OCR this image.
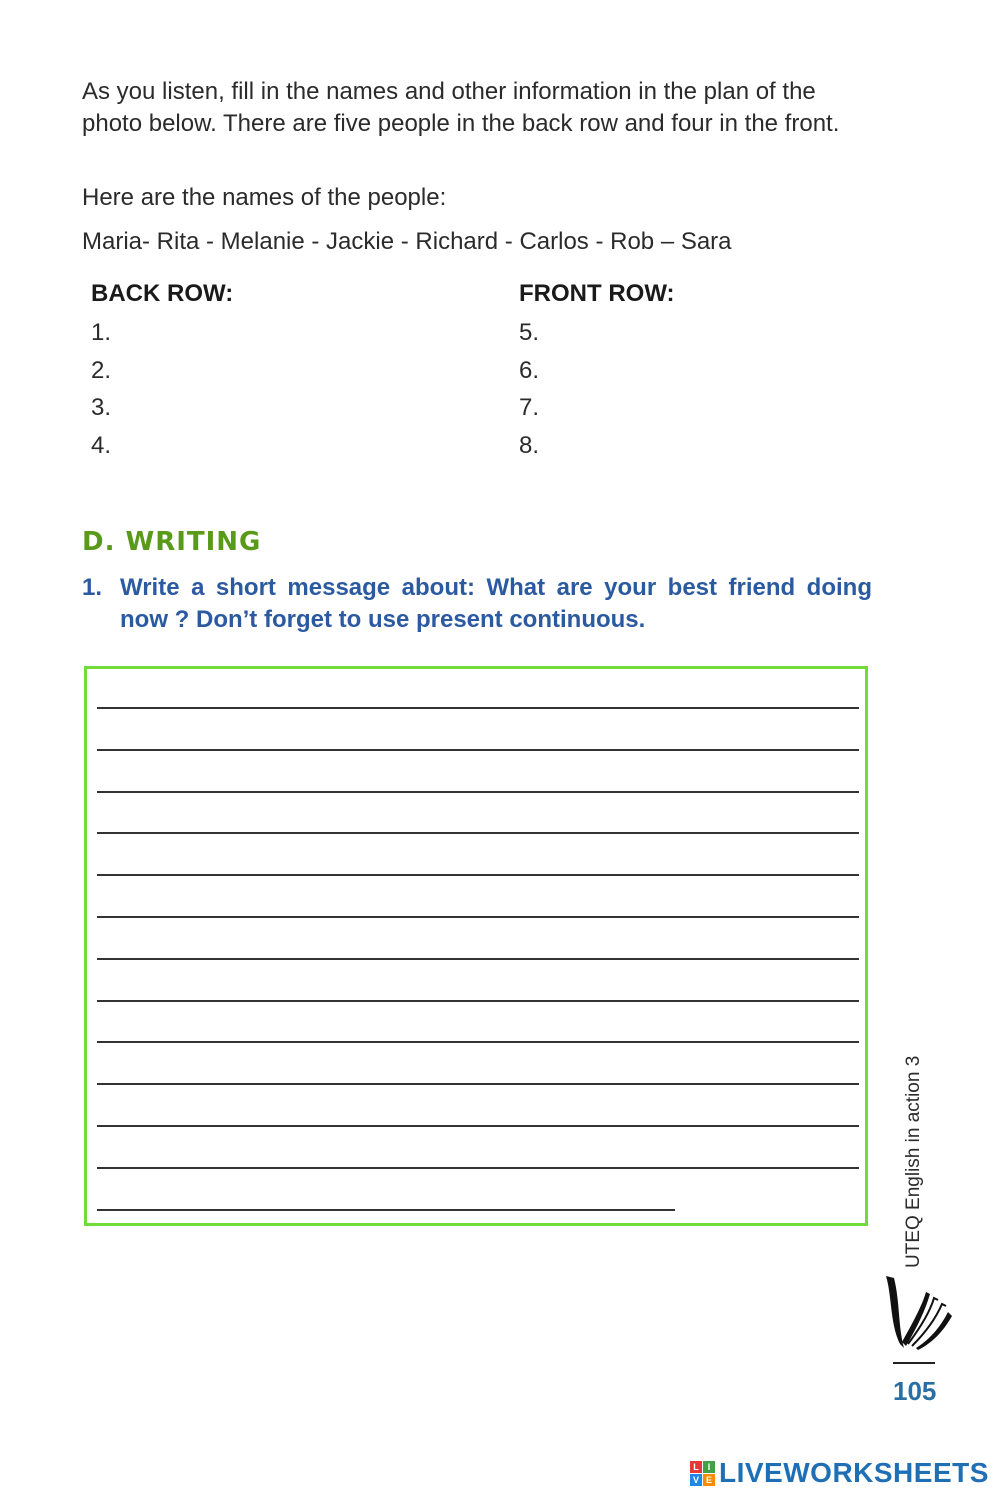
As you listen, fill in the names and other information in the plan of the photo below. There are five people in the back row and four in the front.

Here are the names of the people:
Maria- Rita - Melanie - Jackie - Richard - Carlos - Rob – Sara
BACK ROW:
1.
2.
3.
4.
FRONT ROW:
5.
6.
7.
8.
D. WRITING
1. Write a short message about: What are your best friend doing now ? Don’t forget to use present continuous.
UTEQ English in action 3
105
L I
V E LIVEWORKSHEETS
